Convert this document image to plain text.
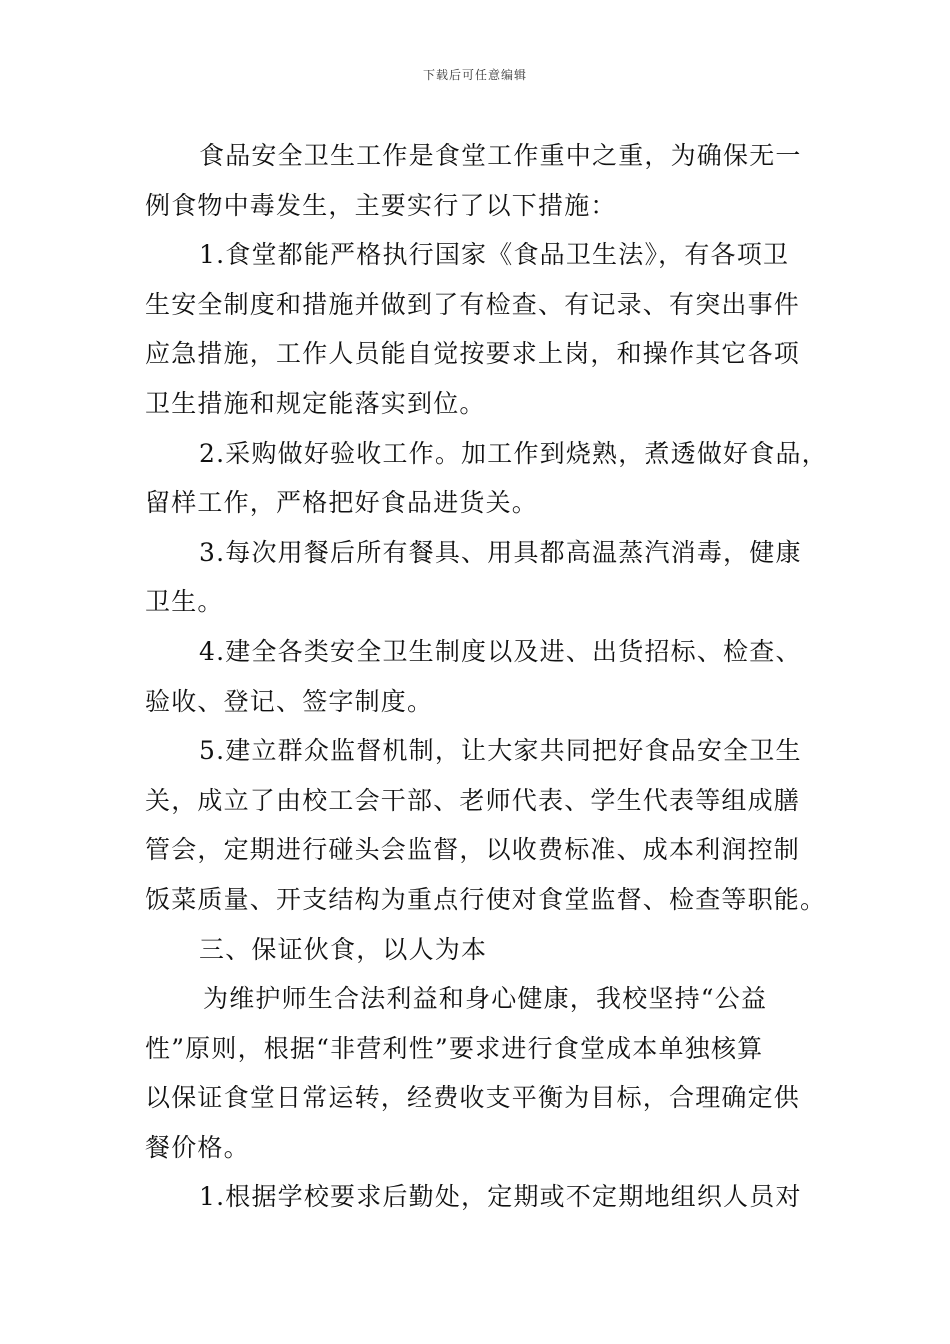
下载后可任意编辑
食品安全卫生工作是食堂工作重中之重，为确保无一
例食物中毒发生，主要实行了以下措施：
1.食堂都能严格执行国家《食品卫生法》，有各项卫
生安全制度和措施并做到了有检查、有记录、有突出事件
应急措施，工作人员能自觉按要求上岗，和操作其它各项
卫生措施和规定能落实到位。
2.采购做好验收工作。加工作到烧熟，煮透做好食品，
留样工作，严格把好食品进货关。
3.每次用餐后所有餐具、用具都高温蒸汽消毒，健康
卫生。
4.建全各类安全卫生制度以及进、出货招标、检查、
验收、登记、签字制度。
5.建立群众监督机制，让大家共同把好食品安全卫生
关，成立了由校工会干部、老师代表、学生代表等组成膳
管会，定期进行碰头会监督，以收费标准、成本利润控制
饭菜质量、开支结构为重点行使对食堂监督、检查等职能。
三、保证伙食，以人为本
为维护师生合法利益和身心健康，我校坚持“公益
性”原则，根据“非营利性”要求进行食堂成本单独核算
以保证食堂日常运转，经费收支平衡为目标，合理确定供
餐价格。
1.根据学校要求后勤处，定期或不定期地组织人员对
